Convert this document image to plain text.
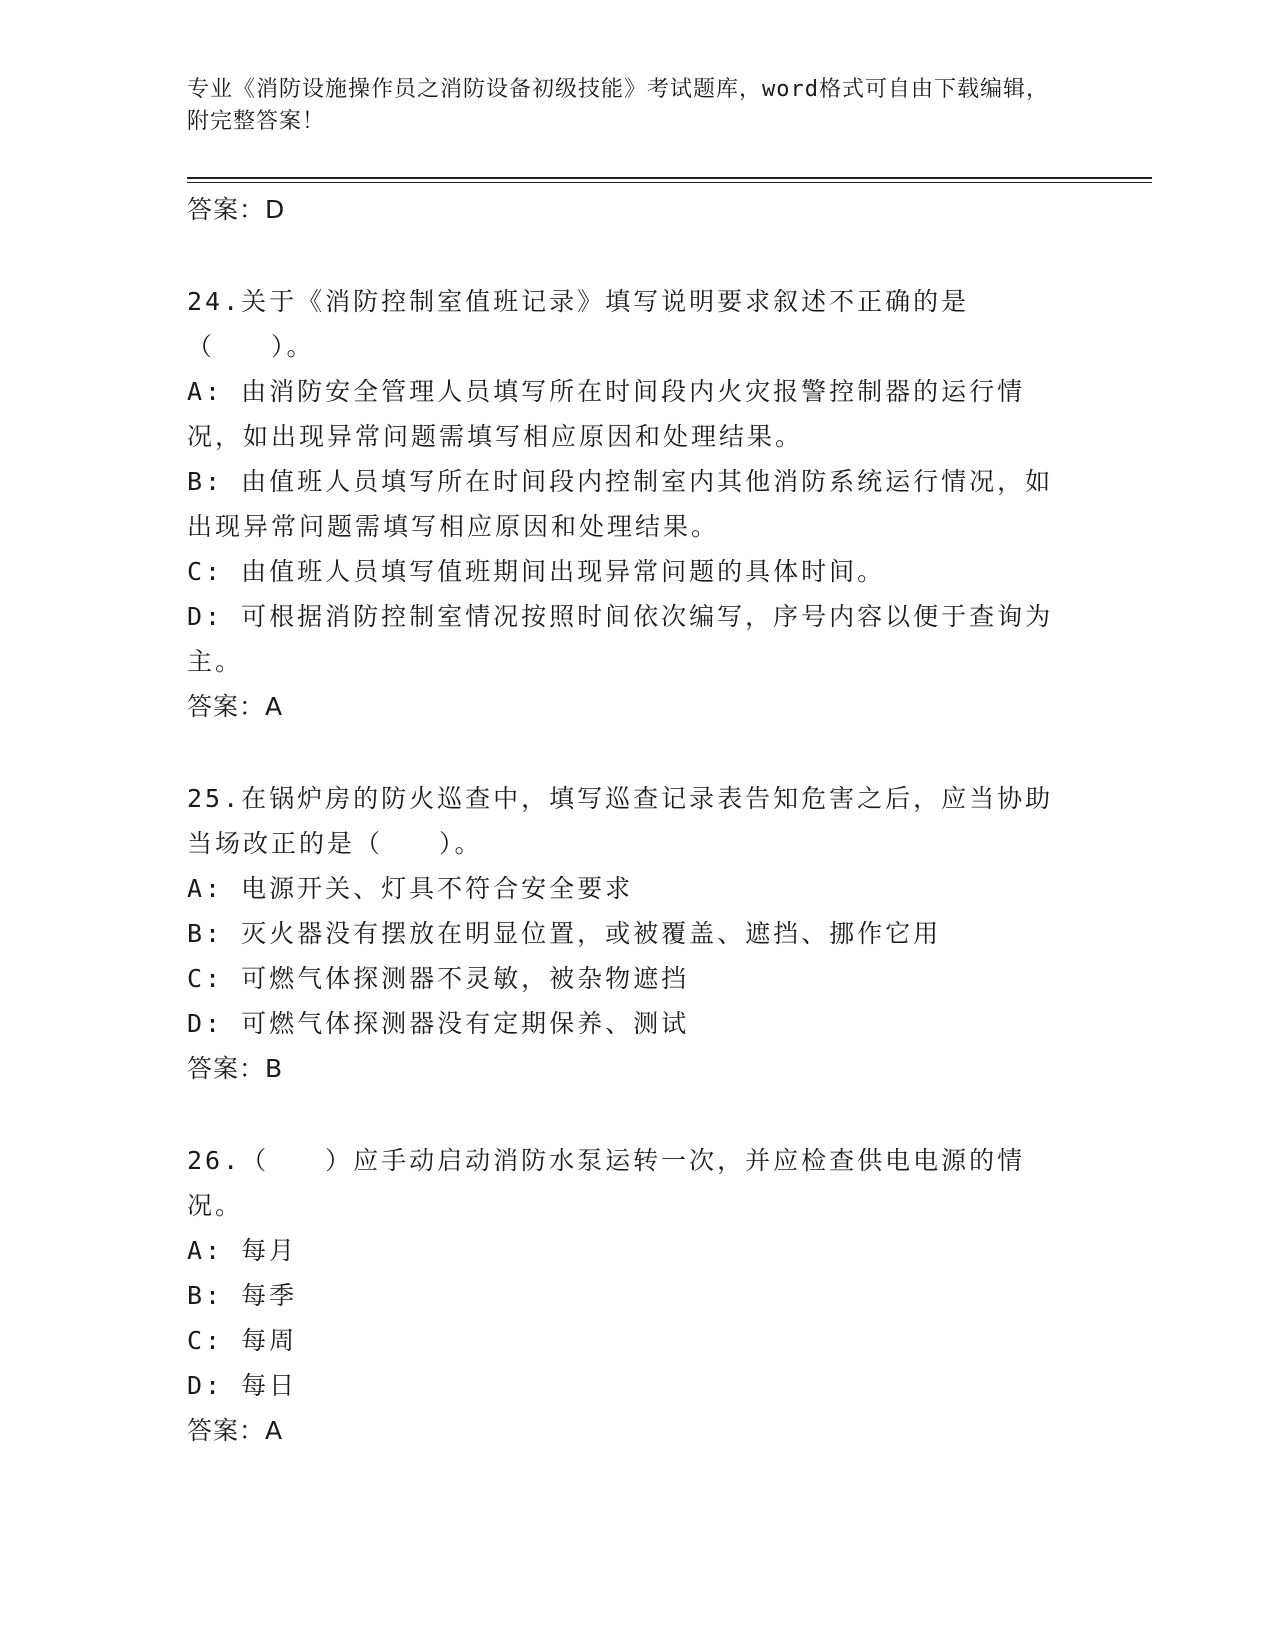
专业《消防设施操作员之消防设备初级技能》考试题库，word格式可自由下载编辑，附完整答案！
答案：D
24.关于《消防控制室值班记录》填写说明要求叙述不正确的是（　　）。
A: 由消防安全管理人员填写所在时间段内火灾报警控制器的运行情况，如出现异常问题需填写相应原因和处理结果。
B: 由值班人员填写所在时间段内控制室内其他消防系统运行情况，如出现异常问题需填写相应原因和处理结果。
C: 由值班人员填写值班期间出现异常问题的具体时间。
D: 可根据消防控制室情况按照时间依次编写，序号内容以便于查询为主。
答案：A
25.在锅炉房的防火巡查中，填写巡查记录表告知危害之后，应当协助当场改正的是（　　）。
A: 电源开关、灯具不符合安全要求
B: 灭火器没有摆放在明显位置，或被覆盖、遮挡、挪作它用
C: 可燃气体探测器不灵敏，被杂物遮挡
D: 可燃气体探测器没有定期保养、测试
答案：B
26.（　　）应手动启动消防水泵运转一次，并应检查供电电源的情况。
A: 每月
B: 每季
C: 每周
D: 每日
答案：A
